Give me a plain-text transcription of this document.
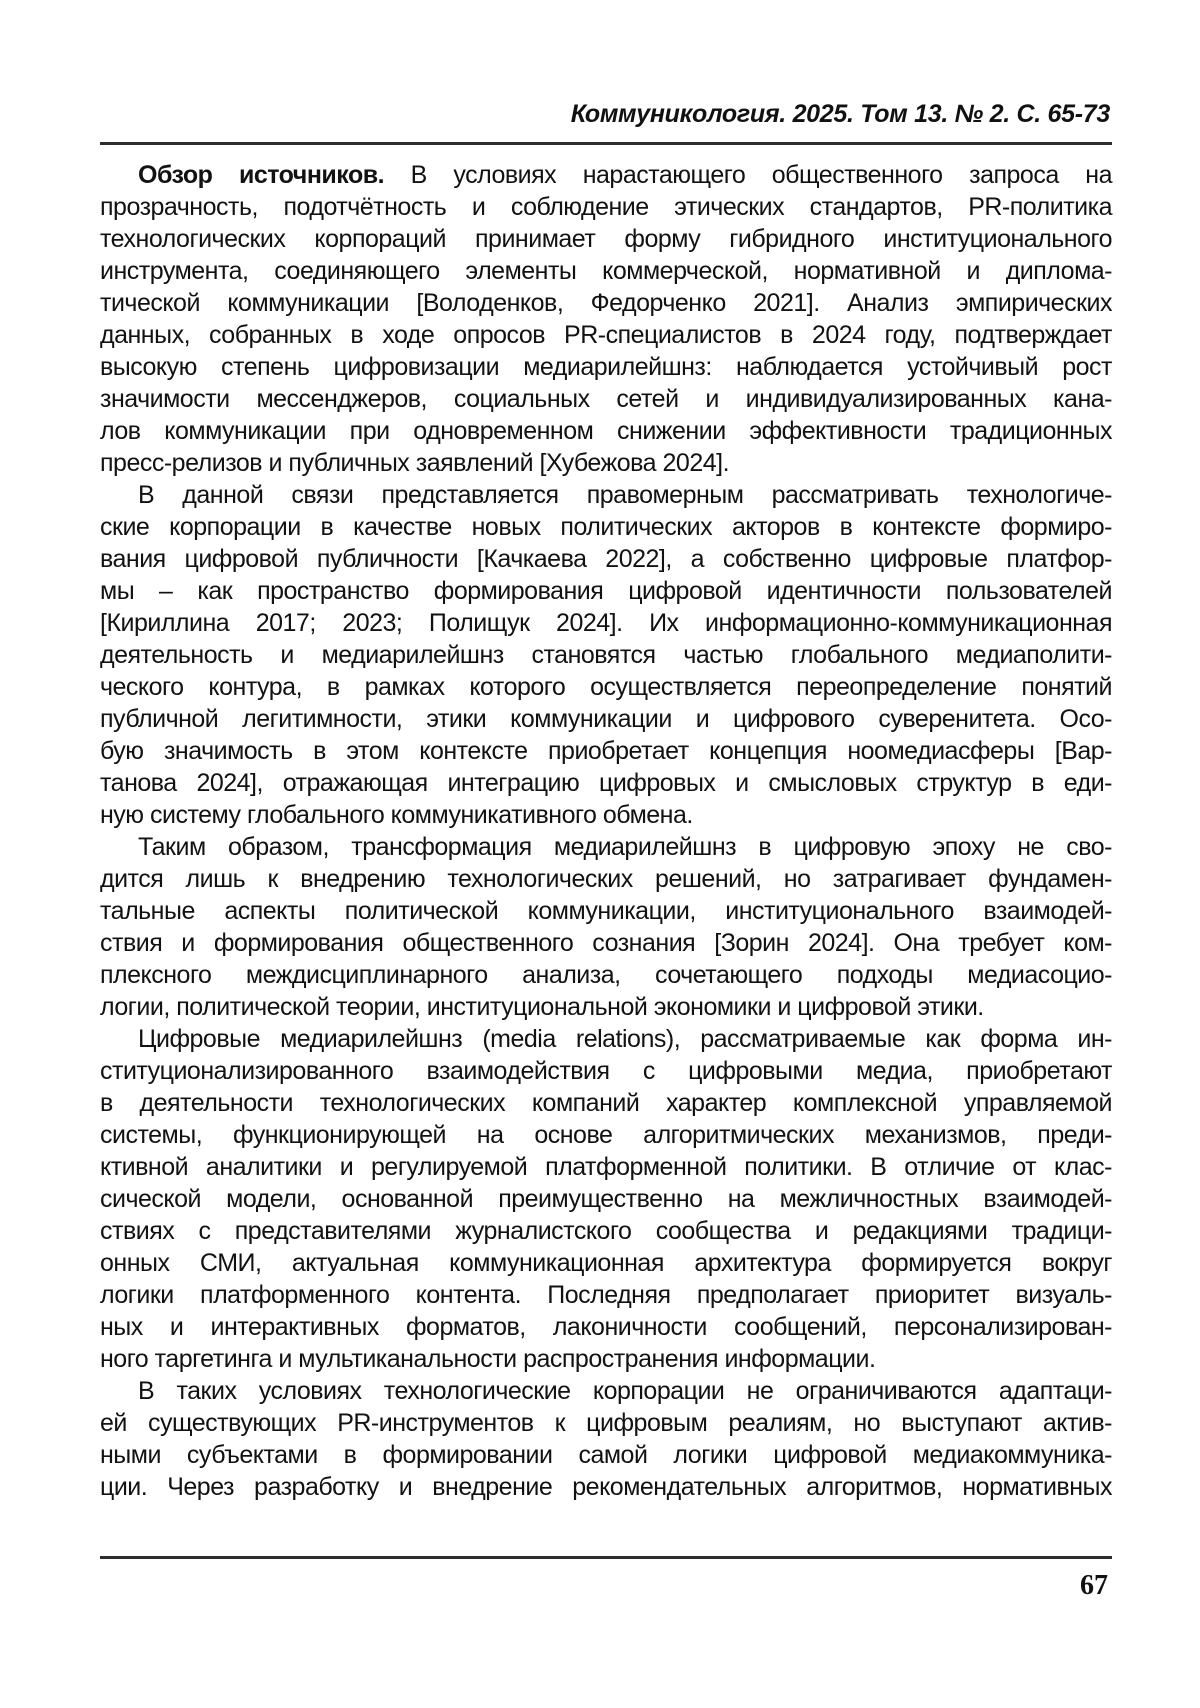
Коммуникология. 2025. Том 13. № 2. С. 65-73
Обзор источников. В условиях нарастающего общественного запроса на
прозрачность, подотчётность и соблюдение этических стандартов, PR-политика
технологических корпораций принимает форму гибридного институционального
инструмента, соединяющего элементы коммерческой, нормативной и диплома-
тической коммуникации [Володенков, Федорченко 2021]. Анализ эмпирических
данных, собранных в ходе опросов PR-специалистов в 2024 году, подтверждает
высокую степень цифровизации медиарилейшнз: наблюдается устойчивый рост
значимости мессенджеров, социальных сетей и индивидуализированных кана-
лов коммуникации при одновременном снижении эффективности традиционных
пресс-релизов и публичных заявлений [Хубежова 2024].
В данной связи представляется правомерным рассматривать технологиче-
ские корпорации в качестве новых политических акторов в контексте формиро-
вания цифровой публичности [Качкаева 2022], а собственно цифровые платфор-
мы – как пространство формирования цифровой идентичности пользователей
[Кириллина 2017; 2023; Полищук 2024]. Их информационно-коммуникационная
деятельность и медиарилейшнз становятся частью глобального медиаполити-
ческого контура, в рамках которого осуществляется переопределение понятий
публичной легитимности, этики коммуникации и цифрового суверенитета. Осо-
бую значимость в этом контексте приобретает концепция ноомедиасферы [Вар-
танова 2024], отражающая интеграцию цифровых и смысловых структур в еди-
ную систему глобального коммуникативного обмена.
Таким образом, трансформация медиарилейшнз в цифровую эпоху не сво-
дится лишь к внедрению технологических решений, но затрагивает фундамен-
тальные аспекты политической коммуникации, институционального взаимодей-
ствия и формирования общественного сознания [Зорин 2024]. Она требует ком-
плексного междисциплинарного анализа, сочетающего подходы медиасоцио-
логии, политической теории, институциональной экономики и цифровой этики.
Цифровые медиарилейшнз (media relations), рассматриваемые как форма ин-
ституционализированного взаимодействия с цифровыми медиа, приобретают
в деятельности технологических компаний характер комплексной управляемой
системы, функционирующей на основе алгоритмических механизмов, преди-
ктивной аналитики и регулируемой платформенной политики. В отличие от клас-
сической модели, основанной преимущественно на межличностных взаимодей-
ствиях с представителями журналистского сообщества и редакциями традици-
онных СМИ, актуальная коммуникационная архитектура формируется вокруг
логики платформенного контента. Последняя предполагает приоритет визуаль-
ных и интерактивных форматов, лаконичности сообщений, персонализирован-
ного таргетинга и мультиканальности распространения информации.
В таких условиях технологические корпорации не ограничиваются адаптаци-
ей существующих PR-инструментов к цифровым реалиям, но выступают актив-
ными субъектами в формировании самой логики цифровой медиакоммуника-
ции. Через разработку и внедрение рекомендательных алгоритмов, нормативных
67
